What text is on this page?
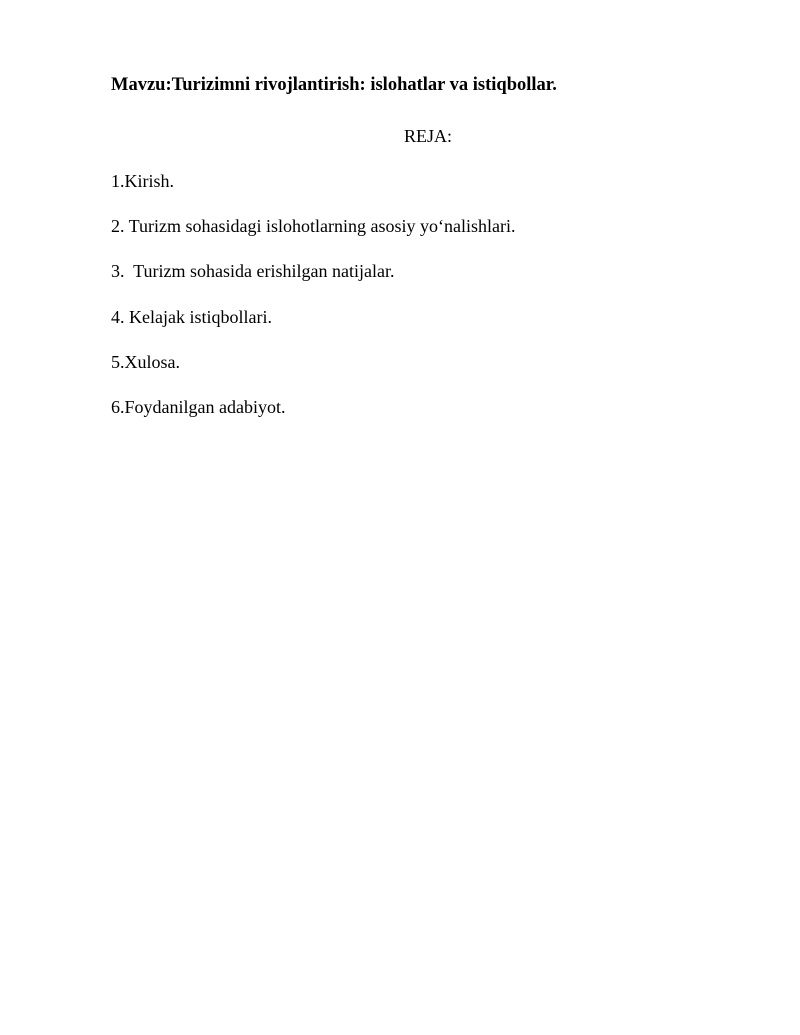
Mavzu:Turizimni rivojlantirish: islohatlar va istiqbollar.
REJA:
1.Kirish.
2. Turizm sohasidagi islohotlarning asosiy yo‘nalishlari.
3.  Turizm sohasida erishilgan natijalar.
4. Kelajak istiqbollari.
5.Xulosa.
6.Foydanilgan adabiyot.
